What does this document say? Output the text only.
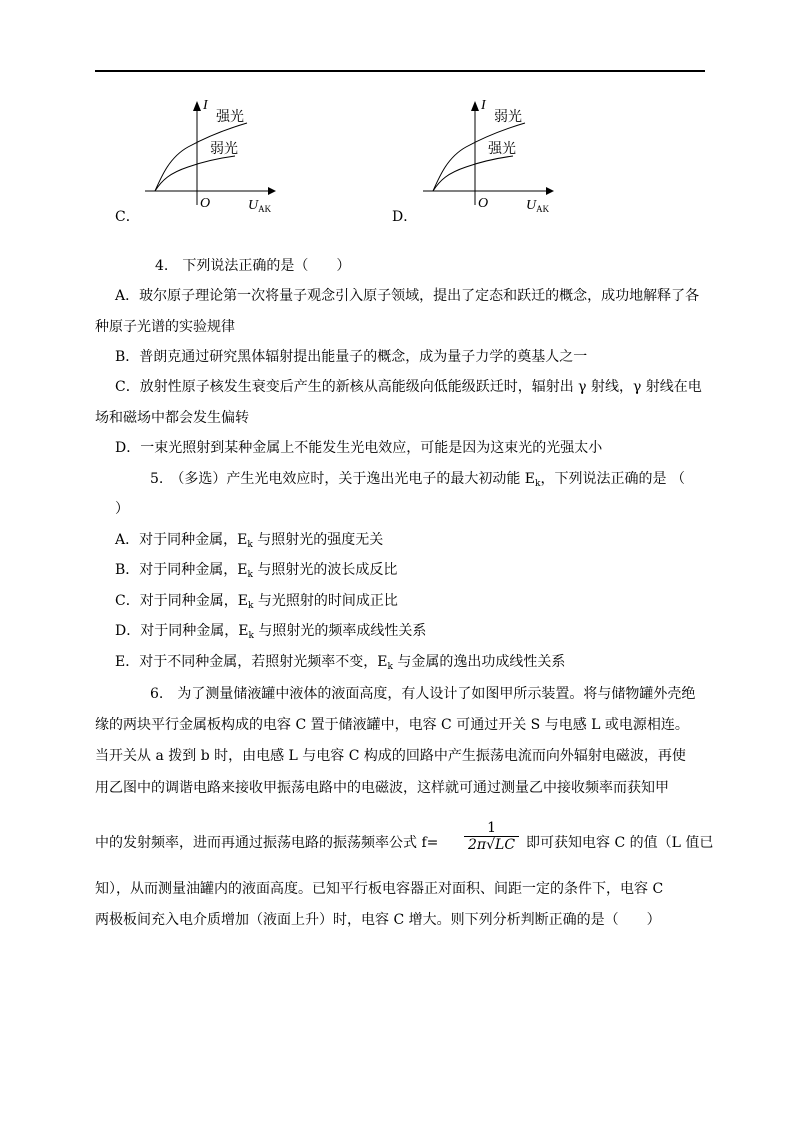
I
强光
弱光
O	$U_{AK}$
C．
I
弱光
强光
O	$U_{AK}$
D．
4.　下列说法正确的是（　　）
A．玻尔原子理论第一次将量子观念引入原子领域，提出了定态和跃迁的概念，成功地解释了各
种原子光谱的实验规律
B．普朗克通过研究黑体辐射提出能量子的概念，成为量子力学的奠基人之一
C．放射性原子核发生衰变后产生的新核从高能级向低能级跃迁时，辐射出 γ 射线，γ 射线在电
场和磁场中都会发生偏转
D．一束光照射到某种金属上不能发生光电效应，可能是因为这束光的光强太小
5.　（多选）产生光电效应时，关于逸出光电子的最大初动能 $E_k$，下列说法正确的是 （
）
A．对于同种金属，$E_k$ 与照射光的强度无关
B．对于同种金属，$E_k$ 与照射光的波长成反比
C．对于同种金属，$E_k$ 与光照射的时间成正比
D．对于同种金属，$E_k$ 与照射光的频率成线性关系
E．对于不同种金属，若照射光频率不变，$E_k$ 与金属的逸出功成线性关系
6.　为了测量储液罐中液体的液面高度，有人设计了如图甲所示装置。将与储物罐外壳绝
缘的两块平行金属板构成的电容 C 置于储液罐中，电容 C 可通过开关 S 与电感 L 或电源相连。
当开关从 a 拨到 b 时，由电感 L 与电容 C 构成的回路中产生振荡电流而向外辐射电磁波，再使
用乙图中的调谐电路来接收甲振荡电路中的电磁波，这样就可通过测量乙中接收频率而获知甲
中的发射频率，进而再通过振荡电路的振荡频率公式 f=
1
2π√LC 即可获知电容 C 的值（L 值已
知），从而测量油罐内的液面高度。已知平行板电容器正对面积、间距一定的条件下，电容 C
两极板间充入电介质增加（液面上升）时，电容 C 增大。则下列分析判断正确的是（　　）
